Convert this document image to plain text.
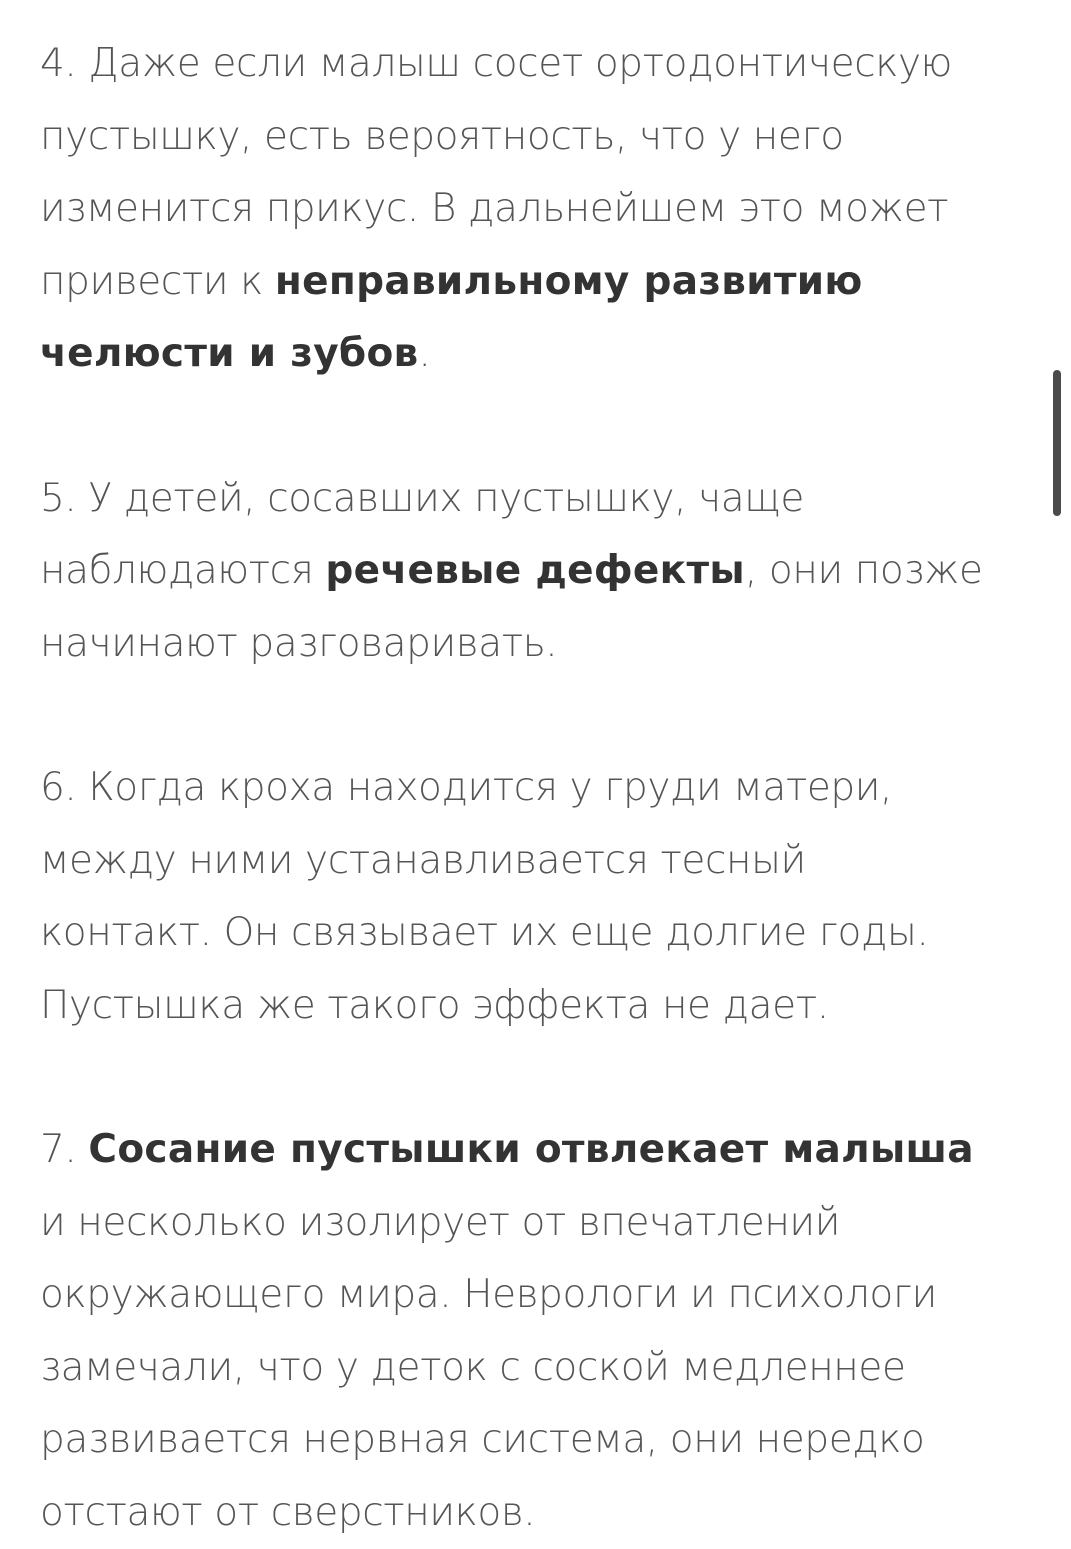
4. Даже если малыш сосет ортодонтическую
пустышку, есть вероятность, что у него
изменится прикус. В дальнейшем это может
привести к неправильному развитию
челюсти и зубов.

5. У детей, сосавших пустышку, чаще
наблюдаются речевые дефекты, они позже
начинают разговаривать.

6. Когда кроха находится у груди матери,
между ними устанавливается тесный
контакт. Он связывает их еще долгие годы.
Пустышка же такого эффекта не дает.

7. Сосание пустышки отвлекает малыша
и несколько изолирует от впечатлений
окружающего мира. Неврологи и психологи
замечали, что у деток с соской медленнее
развивается нервная система, они нередко
отстают от сверстников.
